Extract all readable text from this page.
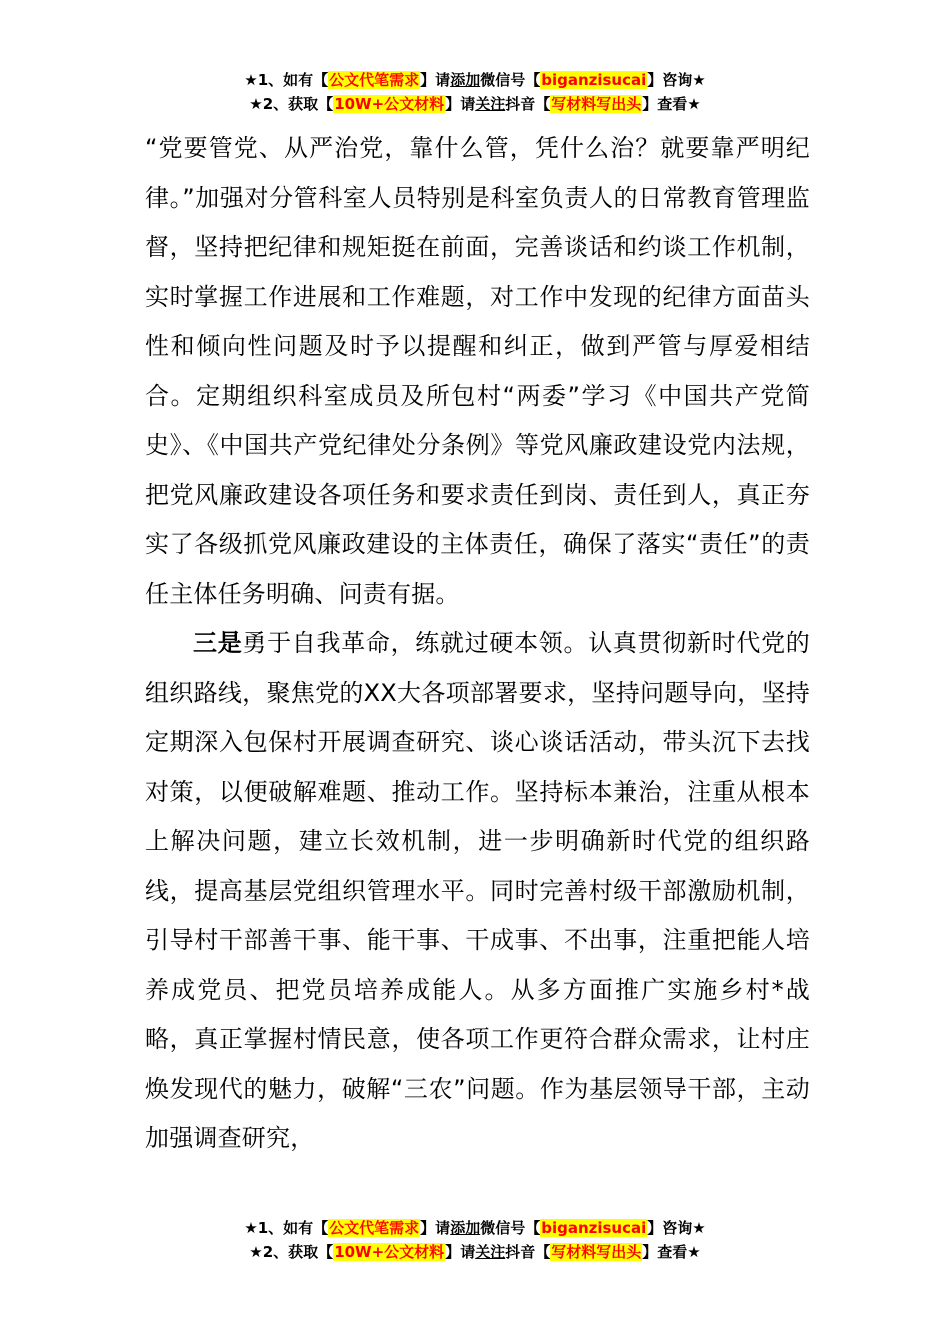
★1、如有【公文代笔需求】请添加微信号【biganzisucai】咨询★
★2、获取【10W+公文材料】请关注抖音【写材料写出头】查看★

“党要管党、从严治党，靠什么管，凭什么治？就要靠严明纪律。”加强对分管科室人员特别是科室负责人的日常教育管理监督，坚持把纪律和规矩挺在前面，完善谈话和约谈工作机制，实时掌握工作进展和工作难题，对工作中发现的纪律方面苗头性和倾向性问题及时予以提醒和纠正，做到严管与厚爱相结合。定期组织科室成员及所包村“两委”学习《中国共产党简史》、《中国共产党纪律处分条例》等党风廉政建设党内法规，把党风廉政建设各项任务和要求责任到岗、责任到人，真正夯实了各级抓党风廉政建设的主体责任，确保了落实“责任”的责任主体任务明确、问责有据。

三是勇于自我革命，练就过硬本领。认真贯彻新时代党的组织路线，聚焦党的XX大各项部署要求，坚持问题导向，坚持定期深入包保村开展调查研究、谈心谈话活动，带头沉下去找对策，以便破解难题、推动工作。坚持标本兼治，注重从根本上解决问题，建立长效机制，进一步明确新时代党的组织路线，提高基层党组织管理水平。同时完善村级干部激励机制，引导村干部善干事、能干事、干成事、不出事，注重把能人培养成党员、把党员培养成能人。从多方面推广实施乡村*战略，真正掌握村情民意，使各项工作更符合群众需求，让村庄焕发现代的魅力，破解“三农”问题。作为基层领导干部，主动加强调查研究，

★1、如有【公文代笔需求】请添加微信号【biganzisucai】咨询★
★2、获取【10W+公文材料】请关注抖音【写材料写出头】查看★
